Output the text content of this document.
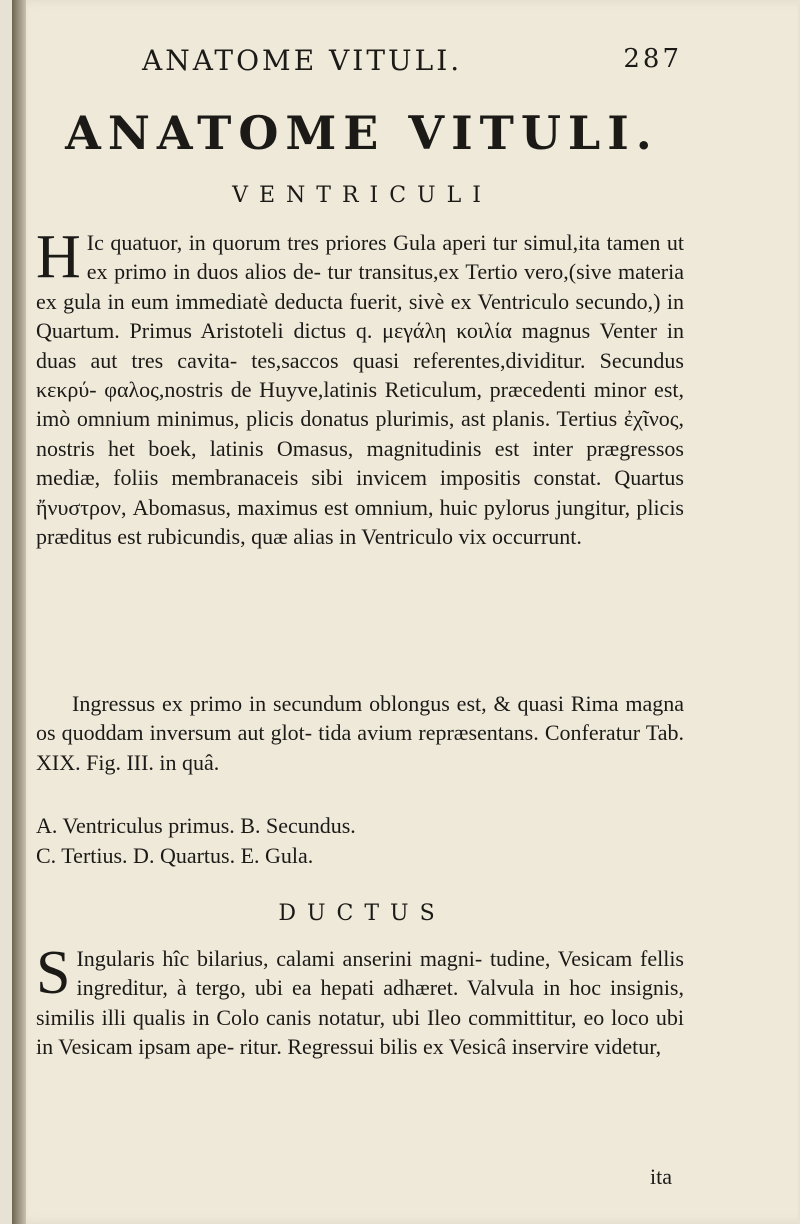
ANATOME VITULI.	287
ANATOME VITULI.
VENTRICULI
H Ic quatuor, in quorum tres priores Gula aperi tur simul,ita tamen ut ex primo in duos alios de- tur transitus,ex Tertio vero,(sive materia ex gula in eum immediatè deducta fuerit, sivè ex Ventriculo secundo,) in Quartum. Primus Aristoteli dictus q. μεγάλη κοιλία magnus Venter in duas aut tres cavita- tes,saccos quasi referentes,dividitur. Secundus κεκρύ- φαλος,nostris de Huyve,latinis Reticulum, præcedenti minor est, imò omnium minimus, plicis donatus plurimis, ast planis. Tertius ἐχῖνος, nostris het boek, latinis Omasus, magnitudinis est inter prægressos mediæ, foliis membranaceis sibi invicem impositis constat. Quartus ἤνυστρον, Abomasus, maximus est omnium, huic pylorus jungitur, plicis præditus est rubicundis, quæ alias in Ventriculo vix occurrunt.
Ingressus ex primo in secundum oblongus est, & quasi Rima magna os quoddam inversum aut glot- tida avium repræsentans. Conferatur Tab. XIX. Fig. III. in quâ.
A. Ventriculus primus. B. Secundus.
C. Tertius. D. Quartus. E. Gula.
DUCTUS
S Ingularis hîc bilarius, calami anserini magni- tudine, Vesicam fellis ingreditur, à tergo, ubi ea hepati adhæret. Valvula in hoc insignis, similis illi qualis in Colo canis notatur, ubi Ileo committitur, eo loco ubi in Vesicam ipsam ape- ritur. Regressui bilis ex Vesicâ inservire videtur,
ita
